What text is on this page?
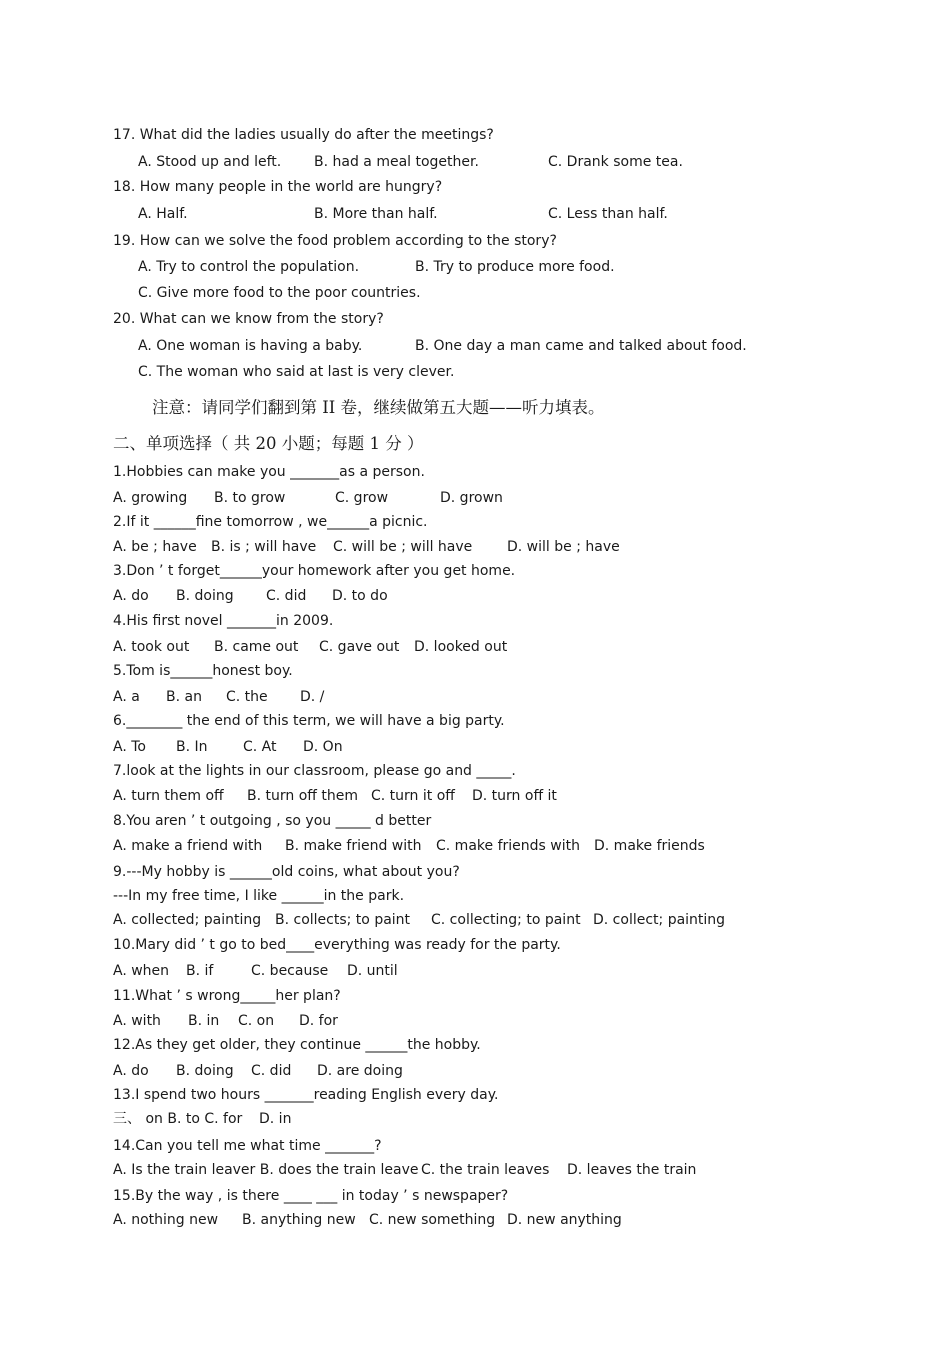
17. What did the ladies usually do after the meetings?
A. Stood up and left. B. had a meal together.	C. Drank some tea.
18. How many people in the world are hungry?
A. Half.	B. More than half.	C. Less than half.
19. How can we solve the food problem according to the story?
A. Try to control the population.	B. Try to produce more food.
C. Give more food to the poor countries.
20. What can we know from the story?
A. One woman is having a baby.	B. One day a man came and talked about food.
C. The woman who said at last is very clever.
注意：请同学们翻到第 II 卷，继续做第五大题——听力填表。
二、单项选择（ 共 20 小题；每题 1 分 ）
1.Hobbies can make you _______as a person.
A. growing B. to grow	C. grow	D. grown
2.If it ______fine tomorrow , we______a picnic.
A. be ; have B. is ; will have C. will be ; will have D. will be ; have
3.Don ’ t forget______your homework after you get home.
A. do B. doing C. did D. to do
4.His first novel _______in 2009.
A. took out B. came out C. gave out D. looked out
5.Tom is______honest boy.
A. a B. an C. the D. /
6.________ the end of this term, we will have a big party.
A. To B. In	C. At D. On
7.look at the lights in our classroom, please go and _____.
A. turn them off B. turn off them C. turn it off D. turn off it
8.You aren ’ t outgoing , so you _____ d better
A. make a friend with B. make friend with C. make friends with D. make friends
9.---My hobby is ______old coins, what about you?
---In my free time, I like ______in the park.
A. collected; painting B. collects; to paint C. collecting; to paint D. collect; painting
10.Mary did ’ t go to bed____everything was ready for the party.
A. when B. if	C. because D. until
11.What ’ s wrong_____her plan?
A. with B. in C. on D. for
12.As they get older, they continue ______the hobby.
A. do B. doing C. did D. are doing
13.I spend two hours _______reading English every day.
三、 on B. to C. for D. in
14.Can you tell me what time _______?
A. Is the train leaver B. does the train leave C. the train leaves D. leaves the train
15.By the way , is there ____ ___ in today ’ s newspaper?
A. nothing new B. anything new C. new something D. new anything
